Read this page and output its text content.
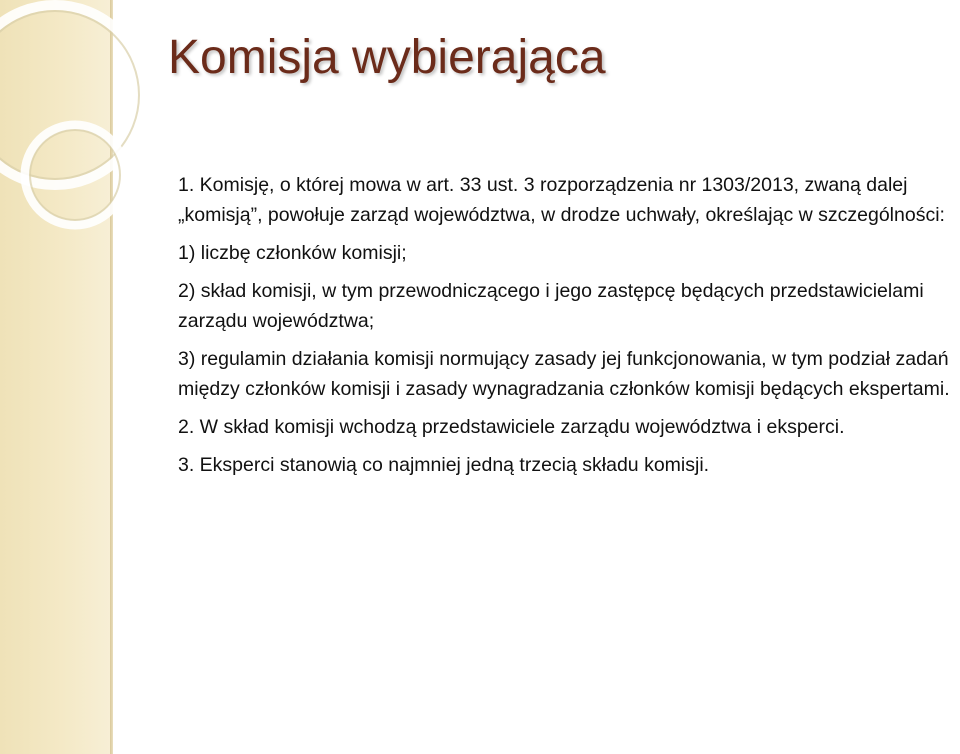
Komisja wybierająca

1. Komisję, o której mowa w art. 33 ust. 3 rozporządzenia nr 1303/2013, zwaną dalej „komisją”, powołuje zarząd województwa, w drodze uchwały, określając w szczególności:

1) liczbę członków komisji;

2) skład komisji, w tym przewodniczącego i jego zastępcę będących przedstawicielami zarządu województwa;

3) regulamin działania komisji normujący zasady jej funkcjonowania, w tym podział zadań między członków komisji i zasady wynagradzania członków komisji będących ekspertami.

2. W skład komisji wchodzą przedstawiciele zarządu województwa i eksperci.

3. Eksperci stanowią co najmniej jedną trzecią składu komisji.
